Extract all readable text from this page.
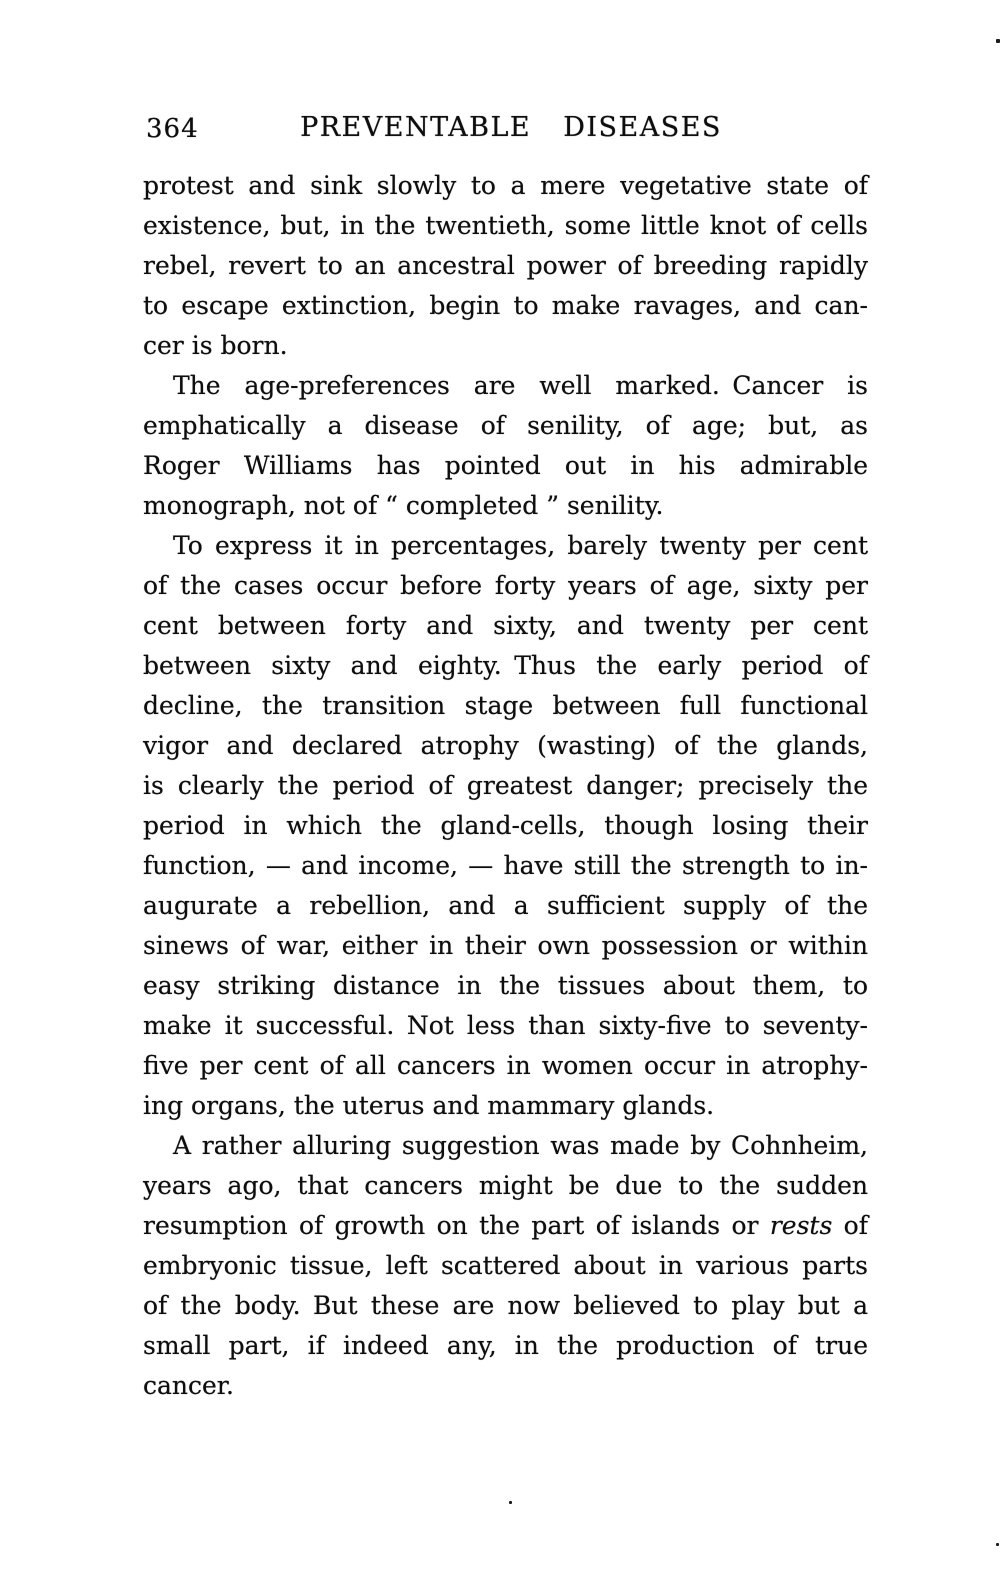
364	PREVENTABLE DISEASES
protest and sink slowly to a mere vegetative state of
existence, but, in the twentieth, some little knot of cells
rebel, revert to an ancestral power of breeding rapidly
to escape extinction, begin to make ravages, and can-
cer is born.
The age-preferences are well marked. Cancer is
emphatically a disease of senility, of age; but, as
Roger Williams has pointed out in his admirable
monograph, not of “ completed ” senility.
To express it in percentages, barely twenty per cent
of the cases occur before forty years of age, sixty per
cent between forty and sixty, and twenty per cent
between sixty and eighty. Thus the early period of
decline, the transition stage between full functional
vigor and declared atrophy (wasting) of the glands,
is clearly the period of greatest danger; precisely the
period in which the gland-cells, though losing their
function, — and income, — have still the strength to in-
augurate a rebellion, and a sufficient supply of the
sinews of war, either in their own possession or within
easy striking distance in the tissues about them, to
make it successful. Not less than sixty-five to seventy-
five per cent of all cancers in women occur in atrophy-
ing organs, the uterus and mammary glands.
A rather alluring suggestion was made by Cohnheim,
years ago, that cancers might be due to the sudden
resumption of growth on the part of islands or rests of
embryonic tissue, left scattered about in various parts
of the body. But these are now believed to play but a
small part, if indeed any, in the production of true
cancer.
